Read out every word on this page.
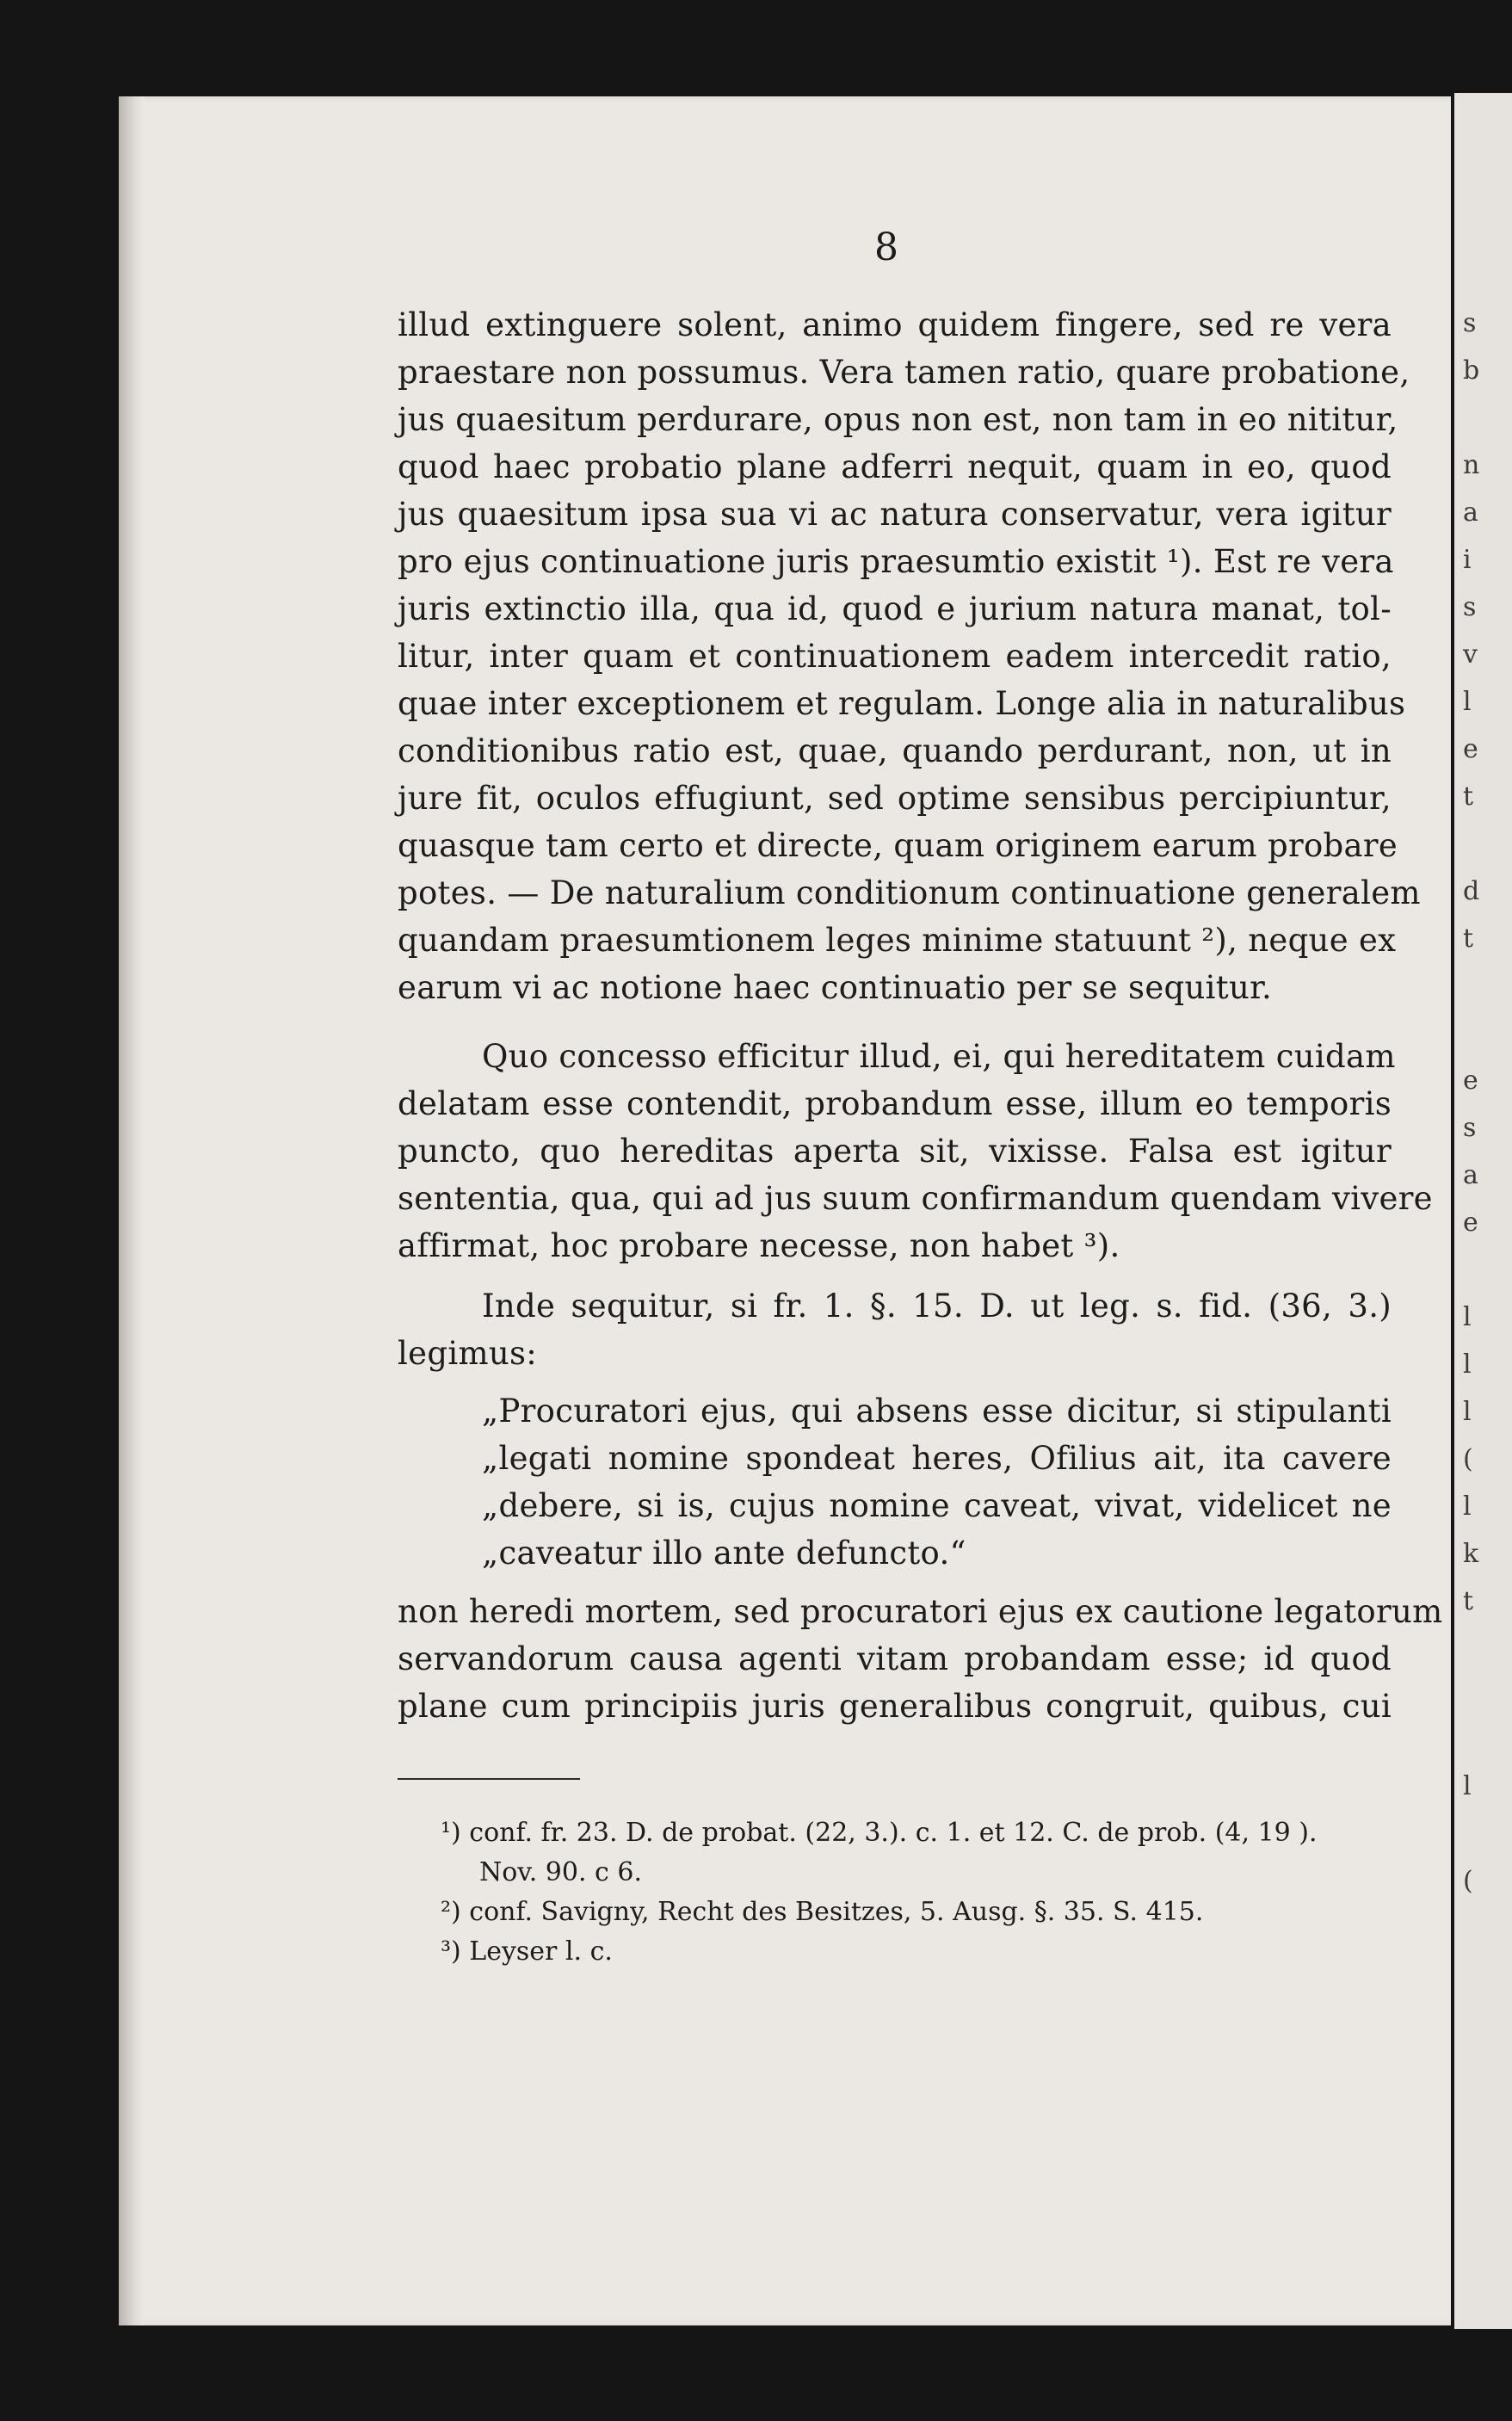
s
b
n
a
i
s
v
l
e
t
d
t
e
s
a
e
l
l
l
(
l
k
t
l
(
8
illud extinguere solent, animo quidem fingere, sed re vera
praestare non possumus. Vera tamen ratio, quare probatione,
jus quaesitum perdurare, opus non est, non tam in eo nititur,
quod haec probatio plane adferri nequit, quam in eo, quod
jus quaesitum ipsa sua vi ac natura conservatur, vera igitur
pro ejus continuatione juris praesumtio existit ¹). Est re vera
juris extinctio illa, qua id, quod e jurium natura manat, tol-
litur, inter quam et continuationem eadem intercedit ratio,
quae inter exceptionem et regulam. Longe alia in naturalibus
conditionibus ratio est, quae, quando perdurant, non, ut in
jure fit, oculos effugiunt, sed optime sensibus percipiuntur,
quasque tam certo et directe, quam originem earum probare
potes. — De naturalium conditionum continuatione generalem
quandam praesumtionem leges minime statuunt ²), neque ex
earum vi ac notione haec continuatio per se sequitur.
Quo concesso efficitur illud, ei, qui hereditatem cuidam
delatam esse contendit, probandum esse, illum eo temporis
puncto, quo hereditas aperta sit, vixisse. Falsa est igitur
sententia, qua, qui ad jus suum confirmandum quendam vivere
affirmat, hoc probare necesse, non habet ³).
Inde sequitur, si fr. 1. §. 15. D. ut leg. s. fid. (36, 3.)
legimus:
„Procuratori ejus, qui absens esse dicitur, si stipulanti
„legati nomine spondeat heres, Ofilius ait, ita cavere
„debere, si is, cujus nomine caveat, vivat, videlicet ne
„caveatur illo ante defuncto.“
non heredi mortem, sed procuratori ejus ex cautione legatorum
servandorum causa agenti vitam probandam esse; id quod
plane cum principiis juris generalibus congruit, quibus, cui
¹) conf. fr. 23. D. de probat. (22, 3.). c. 1. et 12. C. de prob. (4, 19 ).
Nov. 90. c 6.
²) conf. Savigny, Recht des Besitzes, 5. Ausg. §. 35. S. 415.
³) Leyser l. c.
